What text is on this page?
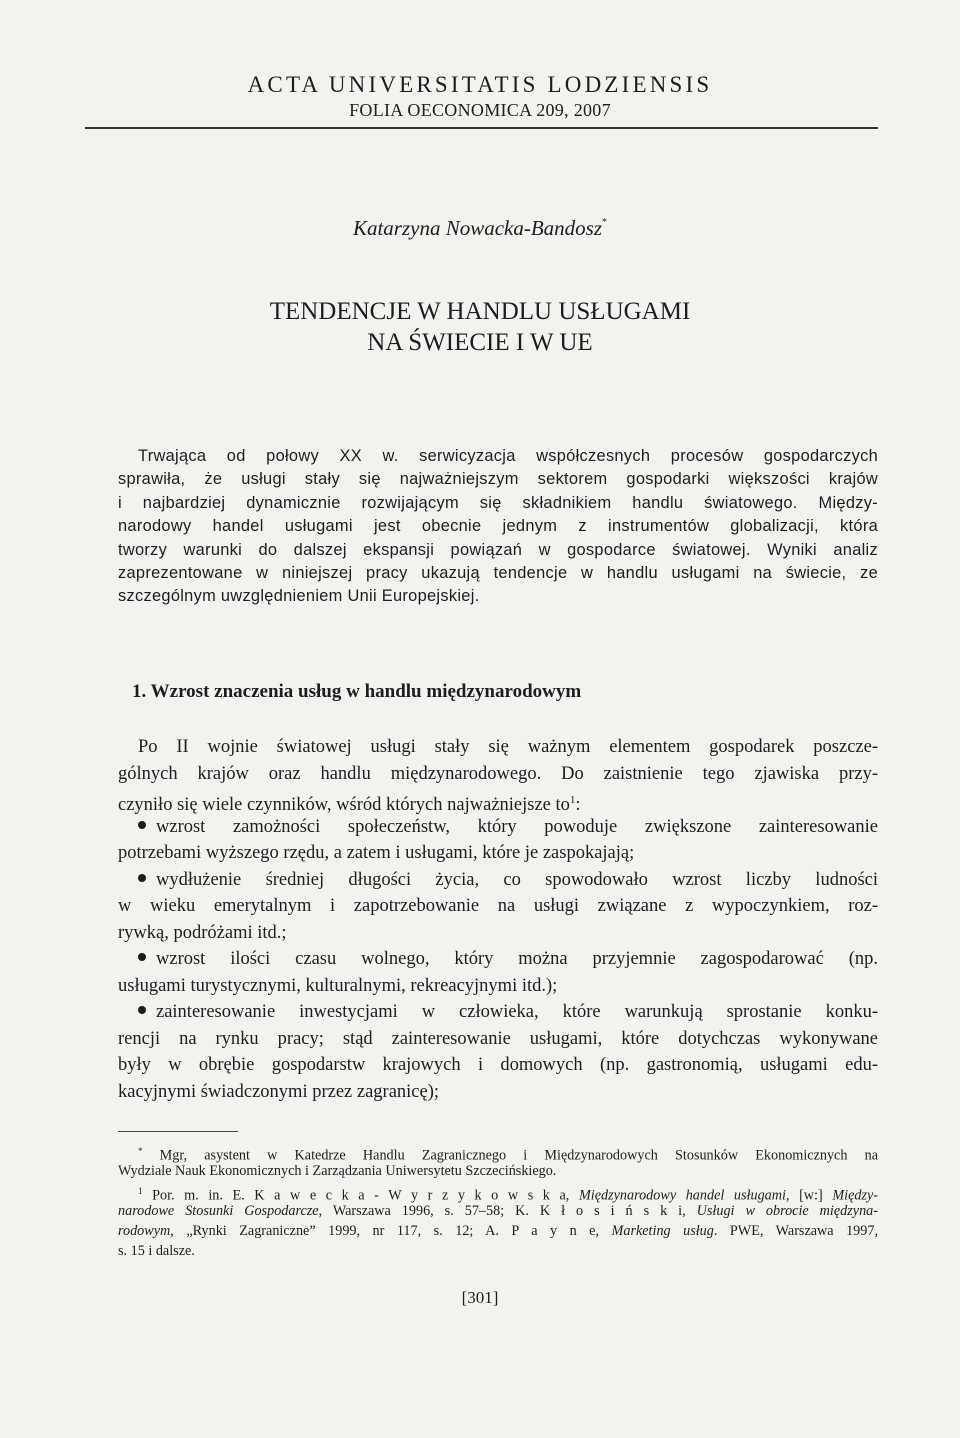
ACTA UNIVERSITATIS LODZIENSIS
FOLIA OECONOMICA 209, 2007
Katarzyna Nowacka-Bandosz*
TENDENCJE W HANDLU USŁUGAMI
NA ŚWIECIE I W UE
Trwająca od połowy XX w. serwicyzacja współczesnych procesów gospodarczych
sprawiła, że usługi stały się najważniejszym sektorem gospodarki większości krajów
i najbardziej dynamicznie rozwijającym się składnikiem handlu światowego. Między-
narodowy handel usługami jest obecnie jednym z instrumentów globalizacji, która
tworzy warunki do dalszej ekspansji powiązań w gospodarce światowej. Wyniki analiz
zaprezentowane w niniejszej pracy ukazują tendencje w handlu usługami na świecie, ze
szczególnym uwzględnieniem Unii Europejskiej.
1. Wzrost znaczenia usług w handlu międzynarodowym
Po II wojnie światowej usługi stały się ważnym elementem gospodarek poszcze-
gólnych krajów oraz handlu międzynarodowego. Do zaistnienie tego zjawiska przy-
czyniło się wiele czynników, wśród których najważniejsze $to^1$:
wzrost zamożności społeczeństw, który powoduje zwiększone zainteresowanie
potrzebami wyższego rzędu, a zatem i usługami, które je zaspokajają;
wydłużenie średniej długości życia, co spowodowało wzrost liczby ludności
w wieku emerytalnym i zapotrzebowanie na usługi związane z wypoczynkiem, roz-
rywką, podróżami itd.;
wzrost ilości czasu wolnego, który można przyjemnie zagospodarować (np.
usługami turystycznymi, kulturalnymi, rekreacyjnymi itd.);
zainteresowanie inwestycjami w człowieka, które warunkują sprostanie konku-
rencji na rynku pracy; stąd zainteresowanie usługami, które dotychczas wykonywane
były w obrębie gospodarstw krajowych i domowych (np. gastronomią, usługami edu-
kacyjnymi świadczonymi przez zagranicę);
* Mgr, asystent w Katedrze Handlu Zagranicznego i Międzynarodowych Stosunków Ekonomicznych na
Wydziale Nauk Ekonomicznych i Zarządzania Uniwersytetu Szczecińskiego.
$^1$ Por. m. in. E. K a w e c k a - W y r z y k o w s k a, Międzynarodowy handel usługami, [w:] Między-
narodowe Stosunki Gospodarcze, Warszawa 1996, s. 57–58; K. K ł o s i ń s k i, Usługi w obrocie międzyna-
rodowym, „Rynki Zagraniczne” 1999, nr 117, s. 12; A. P a y n e, Marketing usług. PWE, Warszawa 1997,
s. 15 i dalsze.
[301]
